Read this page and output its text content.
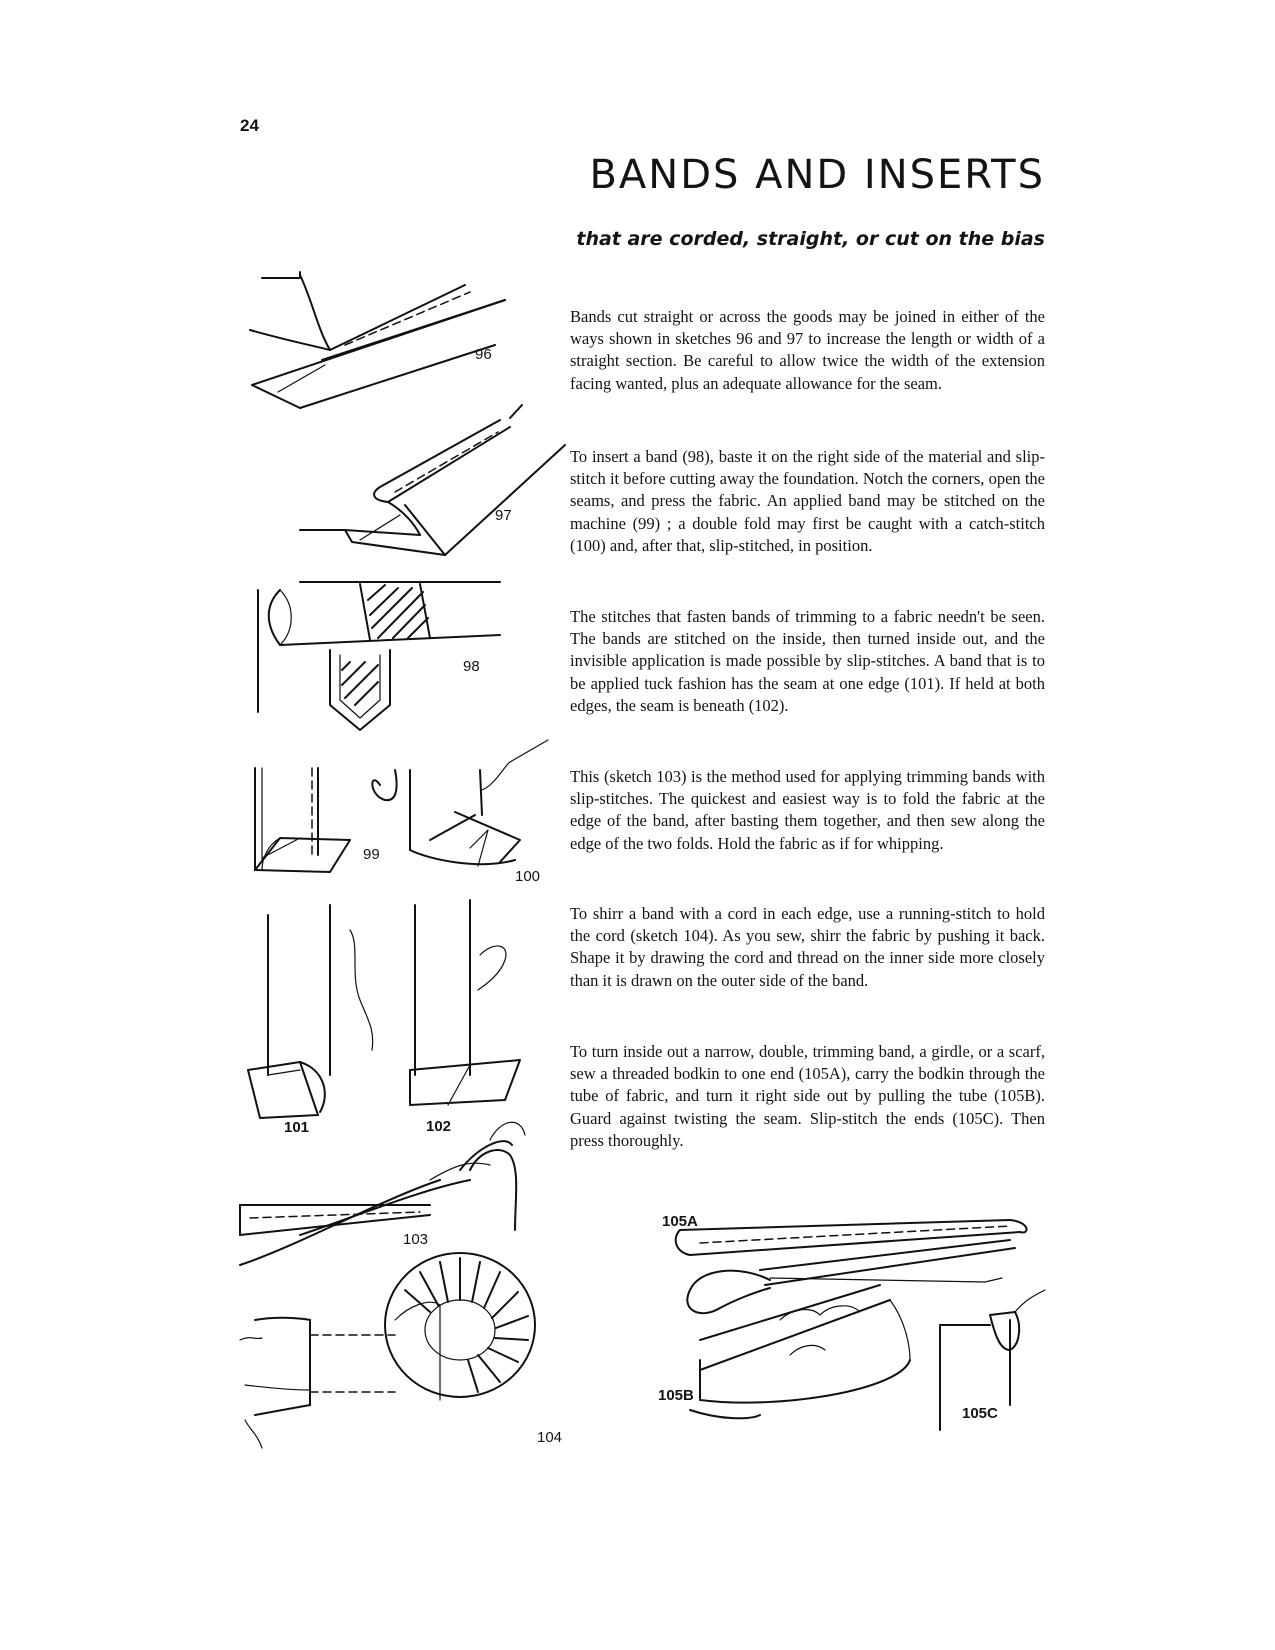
24
BANDS AND INSERTS
that are corded, straight, or cut on the bias

Bands cut straight or across the goods may be joined in either of the ways shown in sketches 96 and 97 to increase the length or width of a straight section. Be careful to allow twice the width of the extension facing wanted, plus an adequate allowance for the seam.

To insert a band (98), baste it on the right side of the material and slip-stitch it before cutting away the foundation. Notch the corners, open the seams, and press the fabric. An applied band may be stitched on the machine (99) ; a double fold may first be caught with a catch-stitch (100) and, after that, slip-stitched, in position.

The stitches that fasten bands of trimming to a fabric needn't be seen. The bands are stitched on the inside, then turned inside out, and the invisible application is made possible by slip-stitches. A band that is to be applied tuck fashion has the seam at one edge (101). If held at both edges, the seam is beneath (102).

This (sketch 103) is the method used for applying trimming bands with slip-stitches. The quickest and easiest way is to fold the fabric at the edge of the band, after basting them together, and then sew along the edge of the two folds. Hold the fabric as if for whipping.

To shirr a band with a cord in each edge, use a running-stitch to hold the cord (sketch 104). As you sew, shirr the fabric by pushing it back. Shape it by drawing the cord and thread on the inner side more closely than it is drawn on the outer side of the band.

To turn inside out a narrow, double, trimming band, a girdle, or a scarf, sew a threaded bodkin to one end (105A), carry the bodkin through the tube of fabric, and turn it right side out by pulling the tube (105B). Guard against twisting the seam. Slip-stitch the ends (105C). Then press thoroughly.

96
97
98
99
100
101	102
103
104
105A
105B
105C
